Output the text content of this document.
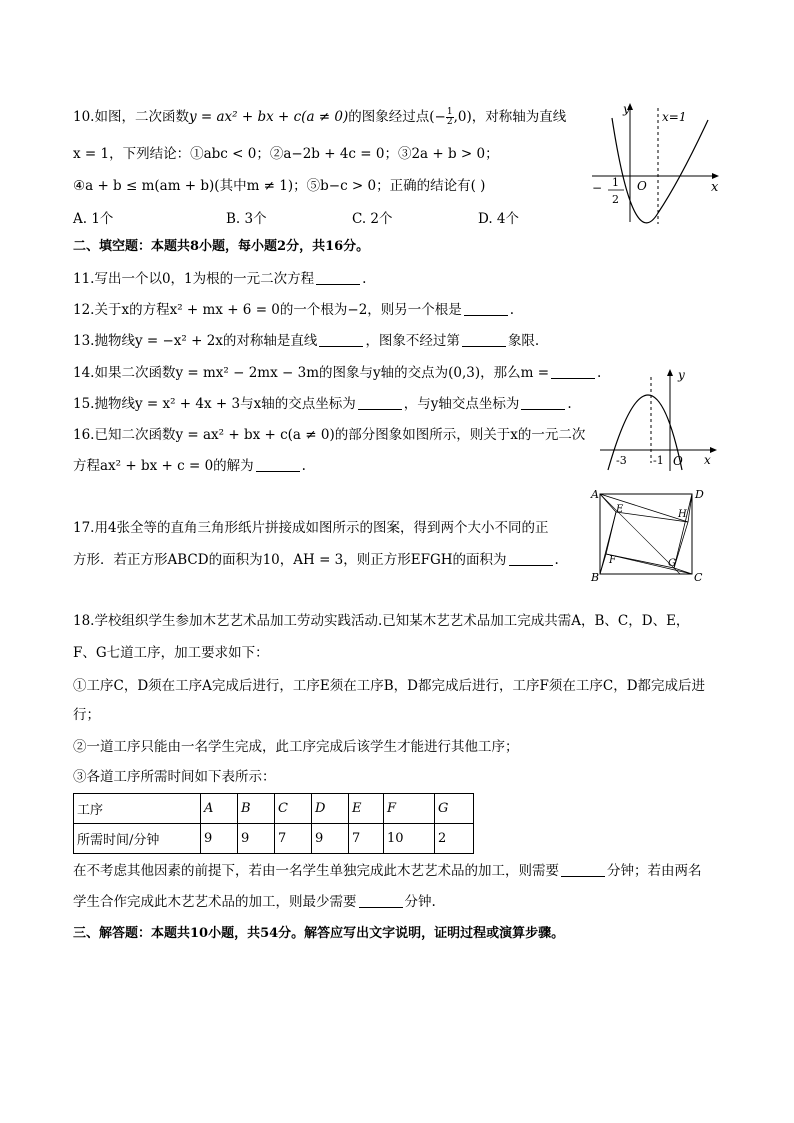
10.如图，二次函数y = ax² + bx + c(a ≠ 0)的图象经过点(− $\frac{1}{2} ,0$)，对称轴为直线
x = 1，下列结论：①abc < 0；②a−2b + 4c = 0；③2a + b > 0；
④a + b ≤ m(am + b)(其中m ≠ 1)；⑤b−c > 0；正确的结论有( )
A. 1个	B. 3个	C. 2个	D. 4个
y
x
O
x=1
− 1
2
二、填空题：本题共8小题，每小题2分，共16分。
11.写出一个以0，1为根的一元二次方程	.
12.关于x的方程x² + mx + 6 = 0的一个根为−2，则另一个根是	.
13.抛物线y = −x² + 2x的对称轴是直线	，图象不经过第	象限.
14.如果二次函数y = mx² − 2mx − 3m的图象与y轴的交点为(0,3)，那么m =	.
15.抛物线y = x² + 4x + 3与x轴的交点坐标为	，与y轴交点坐标为	.
16.已知二次函数y = ax² + bx + c(a ≠ 0)的部分图象如图所示，则关于x的一元二次
方程ax² + bx + c = 0的解为	.
y
x
O
-3 -1
17.用4张全等的直角三角形纸片拼接成如图所示的图案，得到两个大小不同的正
方形．若正方形ABCD的面积为10，AH = 3，则正方形EFGH的面积为	.
A	D
B	C
E	H
F	G
18.学校组织学生参加木艺艺术品加工劳动实践活动.已知某木艺艺术品加工完成共需A，B、C，D、E，
F、G七道工序，加工要求如下：
①工序C，D须在工序A完成后进行，工序E须在工序B，D都完成后进行，工序F须在工序C，D都完成后进
行；
②一道工序只能由一名学生完成，此工序完成后该学生才能进行其他工序；
③各道工序所需时间如下表所示：
工序	A	B	C	D	E	F	G
所需时间/分钟	9	9	7	9	7	10	2
在不考虑其他因素的前提下，若由一名学生单独完成此木艺艺术品的加工，则需要	分钟；若由两名
学生合作完成此木艺艺术品的加工，则最少需要	分钟.
三、解答题：本题共10小题，共54分。解答应写出文字说明，证明过程或演算步骤。
